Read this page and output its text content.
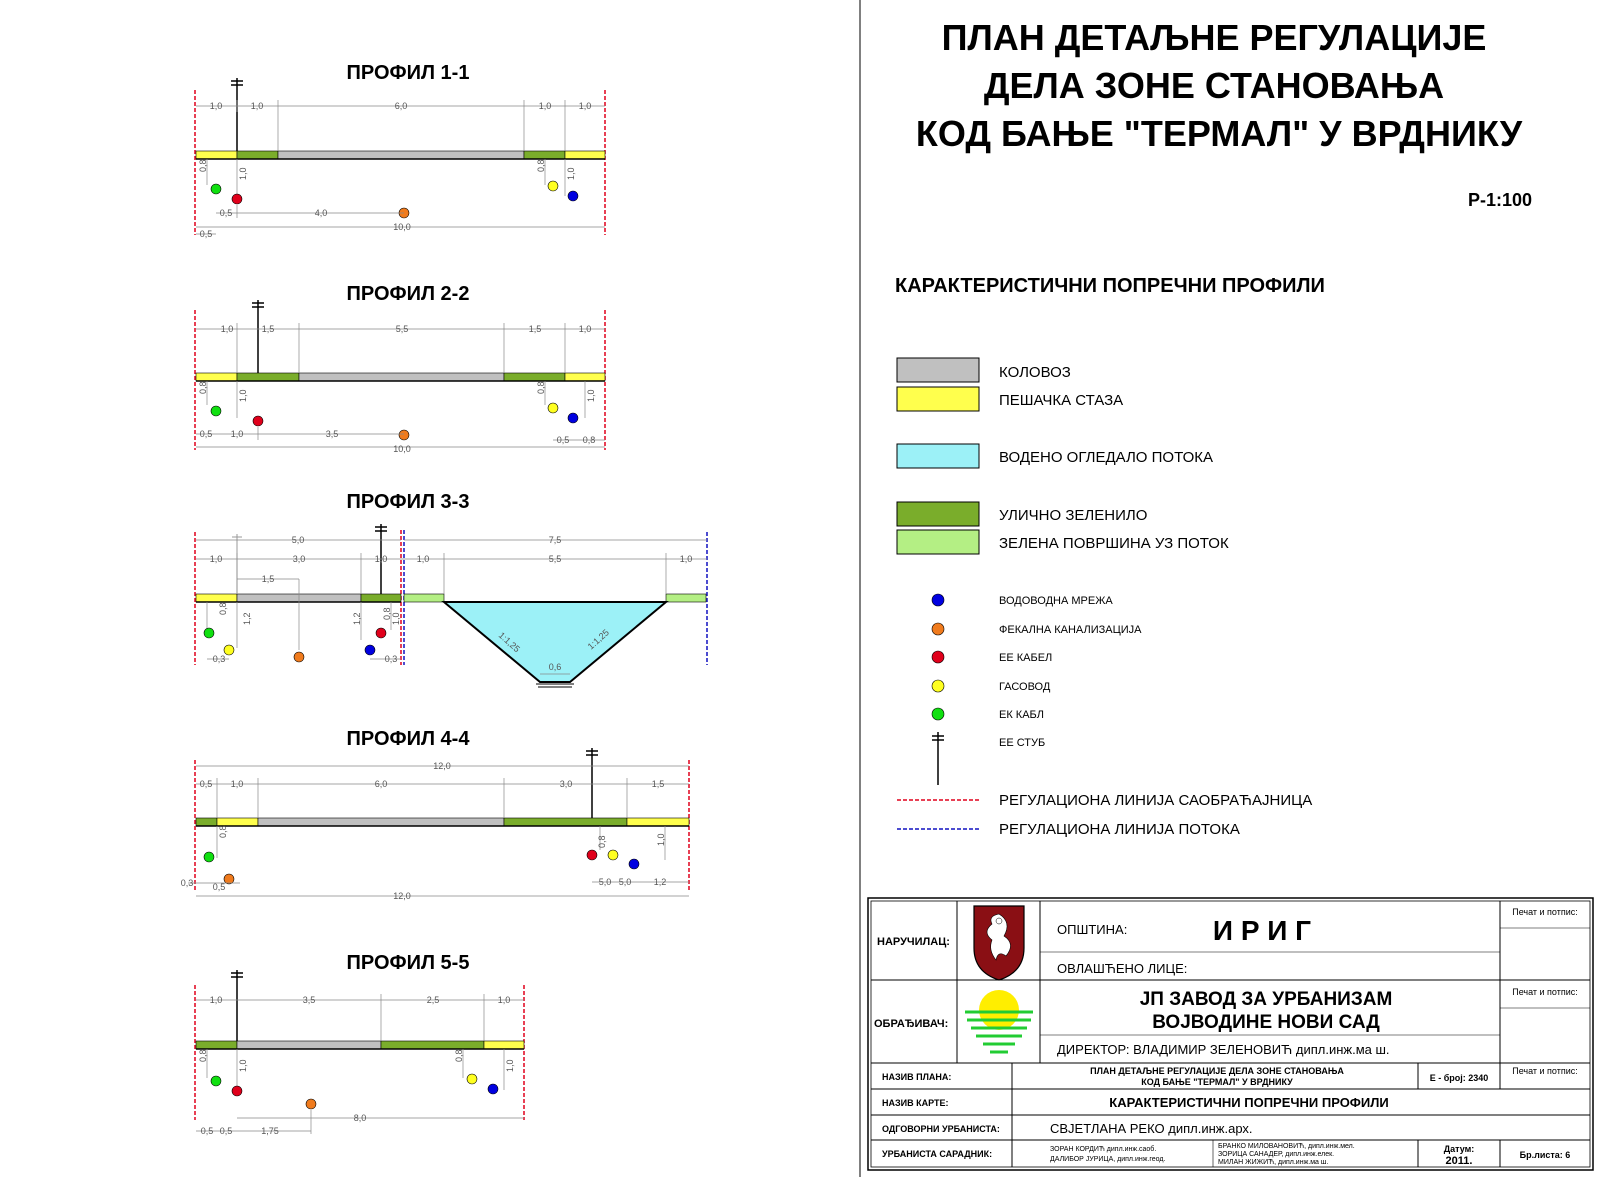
ПЛАН ДЕТАЉНЕ РЕГУЛАЦИЈЕ
ДЕЛА ЗОНЕ СТАНОВАЊА
КОД БАЊЕ "ТЕРМАЛ" У ВРДНИКУ
Р-1:100
КАРАКТЕРИСТИЧНИ ПОПРЕЧНИ ПРОФИЛИ
КОЛОВОЗ
ПЕШАЧКА СТАЗА
ВОДЕНО ОГЛЕДАЛО ПОТОКА
УЛИЧНО ЗЕЛЕНИЛО
ЗЕЛЕНА ПОВРШИНА УЗ ПОТОК
ВОДОВОДНА МРЕЖА
ФЕКАЛНА КАНАЛИЗАЦИЈА
ЕЕ КАБЕЛ
ГАСОВОД
ЕК КАБЛ
ЕЕ СТУБ
РЕГУЛАЦИОНА ЛИНИЈА САОБРАЋАЈНИЦА
РЕГУЛАЦИОНА ЛИНИЈА ПОТОКА
ПРОФИЛ 1-1
1,0	1,0	6,0	1,0	1,0
0,8
1,0
0,8
1,0
0,5	4,0
10,0
0,5
ПРОФИЛ 2-2
1,0	1,5	5,5	1,5	1,0
0,8
1,0
0,8
1,0
0,5 1,0	3,5
0,5 0,8
10,0
ПРОФИЛ 3-3
1:1,25	1:1,25
0,6
5,0	7,5
1,0	3,0	1,0	1,0	5,5	1,0
1,5
0,8
1,2	1,2 0,8 1,0
0,3	0,3
ПРОФИЛ 4-4
12,0
0,5 1,0	6,0	3,0	1,5
0,8
0,8	1,0
0,3 0,5	5,0 5,0 1,2
12,0
ПРОФИЛ 5-5
1,0	3,5	2,5	1,0
0,8
1,0
0,8
1,0
8,0
0,5 0,5	1,75
НАРУЧИЛАЦ:
ОБРАЂИВАЧ:
ОПШТИНА:	И Р И Г
ОВЛАШЋЕНО ЛИЦЕ:
Печат и потпис:
Печат и потпис:
Печат и потпис:
ЈП ЗАВОД ЗА УРБАНИЗАМ
ВОЈВОДИНЕ НОВИ САД
ДИРЕКТОР: ВЛАДИМИР ЗЕЛЕНОВИЋ дипл.инж.ма ш.
НАЗИВ ПЛАНА:
ПЛАН ДЕТАЉНЕ РЕГУЛАЦИЈЕ ДЕЛА ЗОНЕ СТАНОВАЊА
КОД БАЊЕ "ТЕРМАЛ" У ВРДНИКУ	Е - број: 2340
НАЗИВ КАРТЕ:	КАРАКТЕРИСТИЧНИ ПОПРЕЧНИ ПРОФИЛИ
ОДГОВОРНИ УРБАНИСТА:	СВЈЕТЛАНА РЕКО дипл.инж.арх.
УРБАНИСТА САРАДНИК:	ЗОРАН КОРДИЋ дипл.инж.саоб.
ДАЛИБОР ЈУРИЦА, дипл.инж.геод.
БРАНКО МИЛОВАНОВИЋ, дипл.инж.мел.
ЗОРИЦА САНАДЕР, дипл.инж.елек.
МИЛАН ЖИЖИЋ, дипл.инж.ма ш.
Датум:
2011.	Бр.листа: 6
